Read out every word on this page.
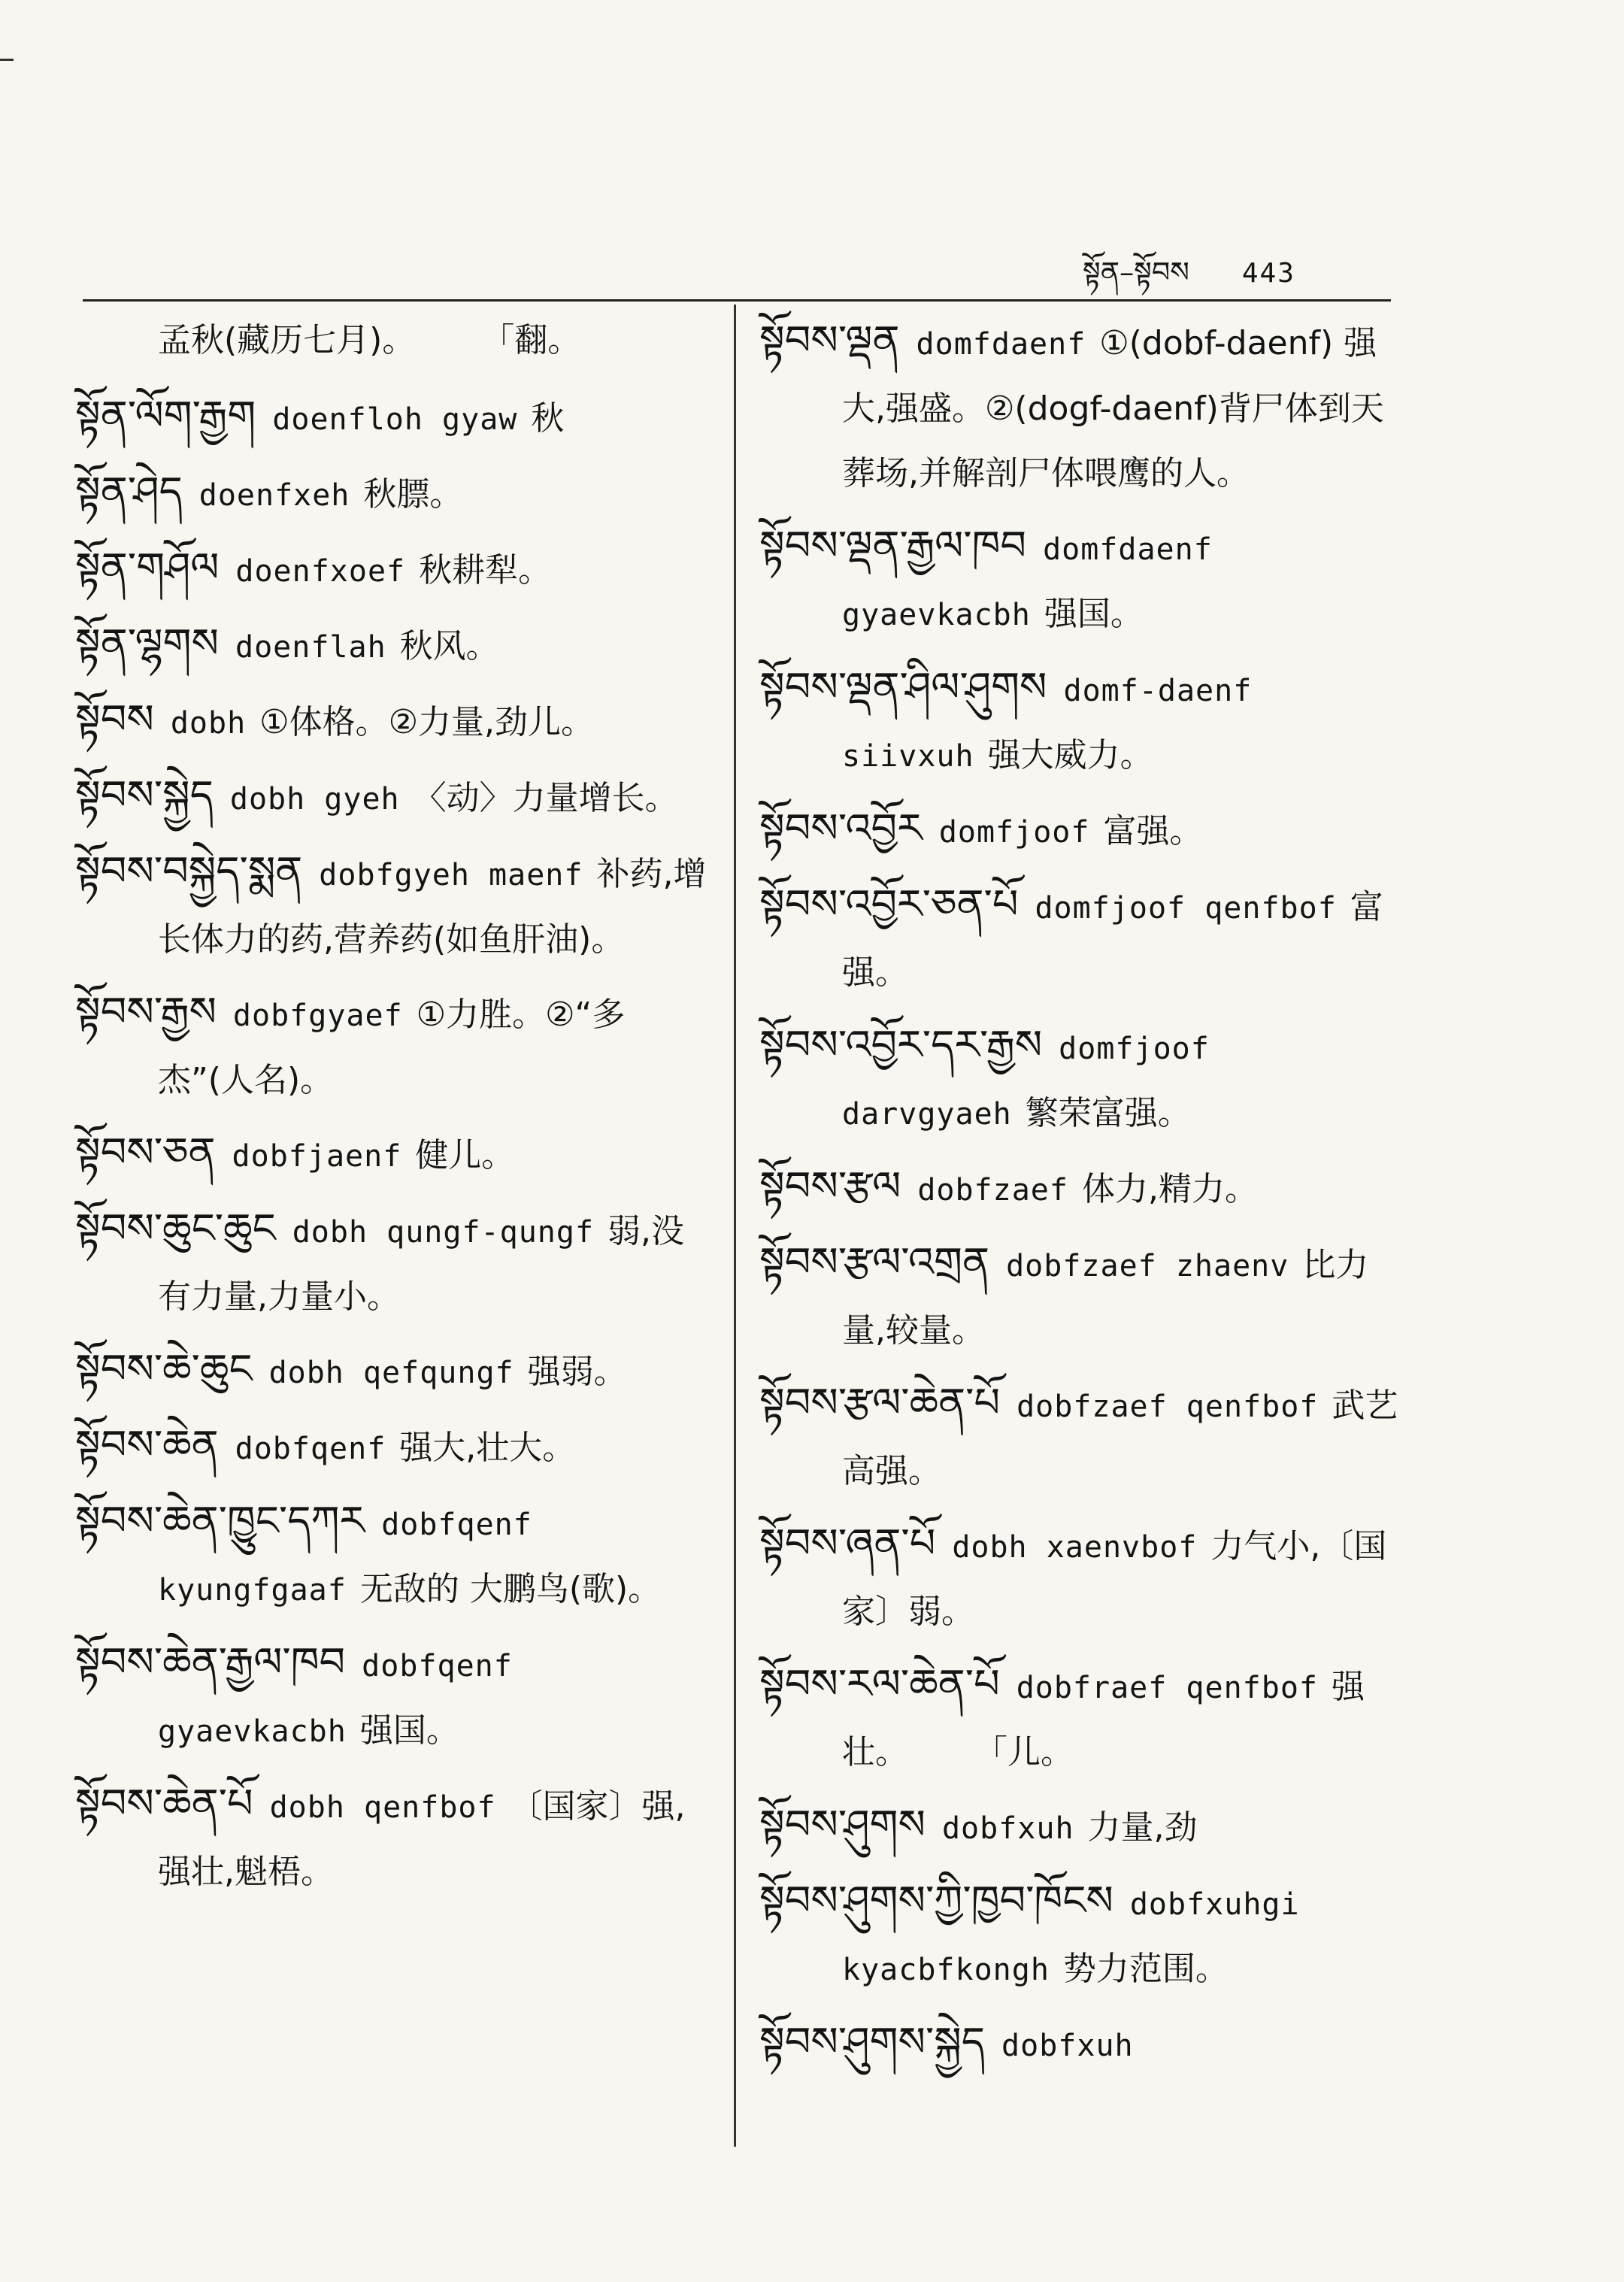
སྟོན–སྟོབས 443
孟秋(藏历七月)。　　　「翻。
སྟོན་ལོག་རྒྱག doenfloh gyaw 秋
སྟོན་ཤེད doenfxeh 秋膘。
སྟོན་གཤོལ doenfxoef 秋耕犁。
སྟོན་ལྷགས doenflah 秋风。
སྟོབས dobh ①体格。②力量,劲儿。
སྟོབས་སྐྱེད dobh gyeh 〈动〉力量增长。
སྟོབས་བསྐྱེད་སྨན dobfgyeh maenf 补药,增长体力的药,营养药(如鱼肝油)。
སྟོབས་རྒྱས dobfgyaef ①力胜。②“多杰”(人名)。
སྟོབས་ཅན dobfjaenf 健儿。
སྟོབས་ཆུང་ཆུང dobh qungf-qungf 弱,没有力量,力量小。
སྟོབས་ཆེ་ཆུང dobh qefqungf 强弱。
སྟོབས་ཆེན dobfqenf 强大,壮大。
སྟོབས་ཆེན་ཁྱུང་དཀར dobfqenf kyungfgaaf 无敌的 大鹏鸟(歌)。
སྟོབས་ཆེན་རྒྱལ་ཁབ dobfqenf gyaevkacbh 强国。
སྟོབས་ཆེན་པོ dobh qenfbof 〔国家〕强,强壮,魁梧。
སྟོབས་ལྡན domfdaenf ①(dobf-daenf) 强大,强盛。②(dogf-daenf)背尸体到天葬场,并解剖尸体喂鹰的人。
སྟོབས་ལྡན་རྒྱལ་ཁབ domfdaenf gyaevkacbh 强国。
སྟོབས་ལྡན་ཤིལ་ཤུགས domf-daenf siivxuh 强大威力。
སྟོབས་འབྱོར domfjoof 富强。
སྟོབས་འབྱོར་ཅན་པོ domfjoof qenfbof 富强。
སྟོབས་འབྱོར་དར་རྒྱས domfjoof darvgyaeh 繁荣富强。
སྟོབས་རྩལ dobfzaef 体力,精力。
སྟོབས་རྩལ་འགྲན dobfzaef zhaenv 比力量,较量。
སྟོབས་རྩལ་ཆེན་པོ dobfzaef qenfbof 武艺高强。
སྟོབས་ཞན་པོ dobh xaenvbof 力气小,〔国家〕弱。
སྟོབས་རལ་ཆེན་པོ dobfraef qenfbof 强壮。　　　「儿。
སྟོབས་ཤུགས dobfxuh 力量,劲
སྟོབས་ཤུགས་ཀྱི་ཁྱབ་ཁོངས dobfxuhgi kyacbfkongh 势力范围。
སྟོབས་ཤུགས་སྐྱེད dobfxuh
